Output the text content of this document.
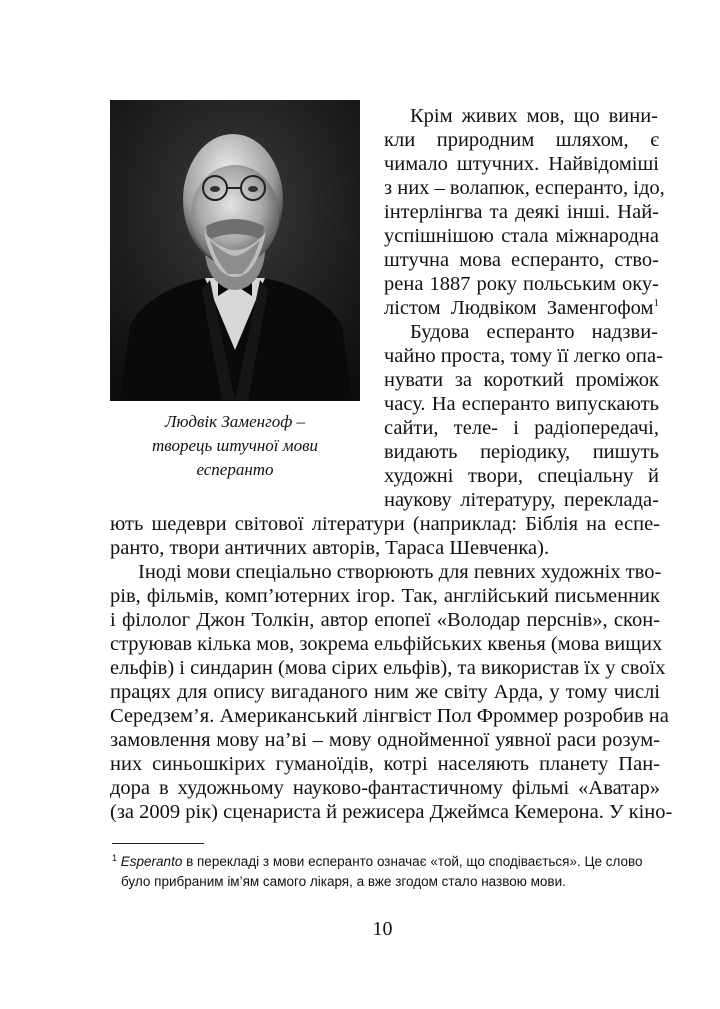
Людвік Заменгоф –
творець штучної мови
есперанто
Крім живих мов, що вини-
кли природним шляхом, є
чимало штучних. Найвідоміші
з них – волапюк, есперанто, ідо,
інтерлінгва та деякі інші. Най-
успішнішою стала міжнародна
штучна мова есперанто, ство-
рена 1887 року польським оку-
лістом Людвіком Заменгофом$^1$
Будова есперанто надзви-
чайно проста, тому її легко опа-
нувати за короткий проміжок
часу. На есперанто випускають
сайти, теле- і радіопередачі,
видають періодику, пишуть
художні твори, спеціальну й
наукову літературу, переклада-
ють шедеври світової літератури (наприклад: Біблія на еспе-
ранто, твори античних авторів, Тараса Шевченка).
Іноді мови спеціально створюють для певних художніх тво-
рів, фільмів, комп’ютерних ігор. Так, англійський письменник
і філолог Джон Толкін, автор епопеї «Володар перснів», скон-
струював кілька мов, зокрема ельфійських квенья (мова вищих
ельфів) і синдарин (мова сірих ельфів), та використав їх у своїх
працях для опису вигаданого ним же світу Арда, у тому числі
Середзем’я. Американський лінгвіст Пол Фроммер розробив на
замовлення мову на’ві – мову однойменної уявної раси розум-
них синьошкірих гуманоїдів, котрі населяють планету Пан-
дора в художньому науково-фантастичному фільмі «Аватар»
(за 2009 рік) сценариста й режисера Джеймса Кемерона. У кіно-
$^1$ Esperanto в перекладі з мови есперанто означає «той, що сподівається». Це слово
було прибраним ім’ям самого лікаря, а вже згодом стало назвою мови.
10
